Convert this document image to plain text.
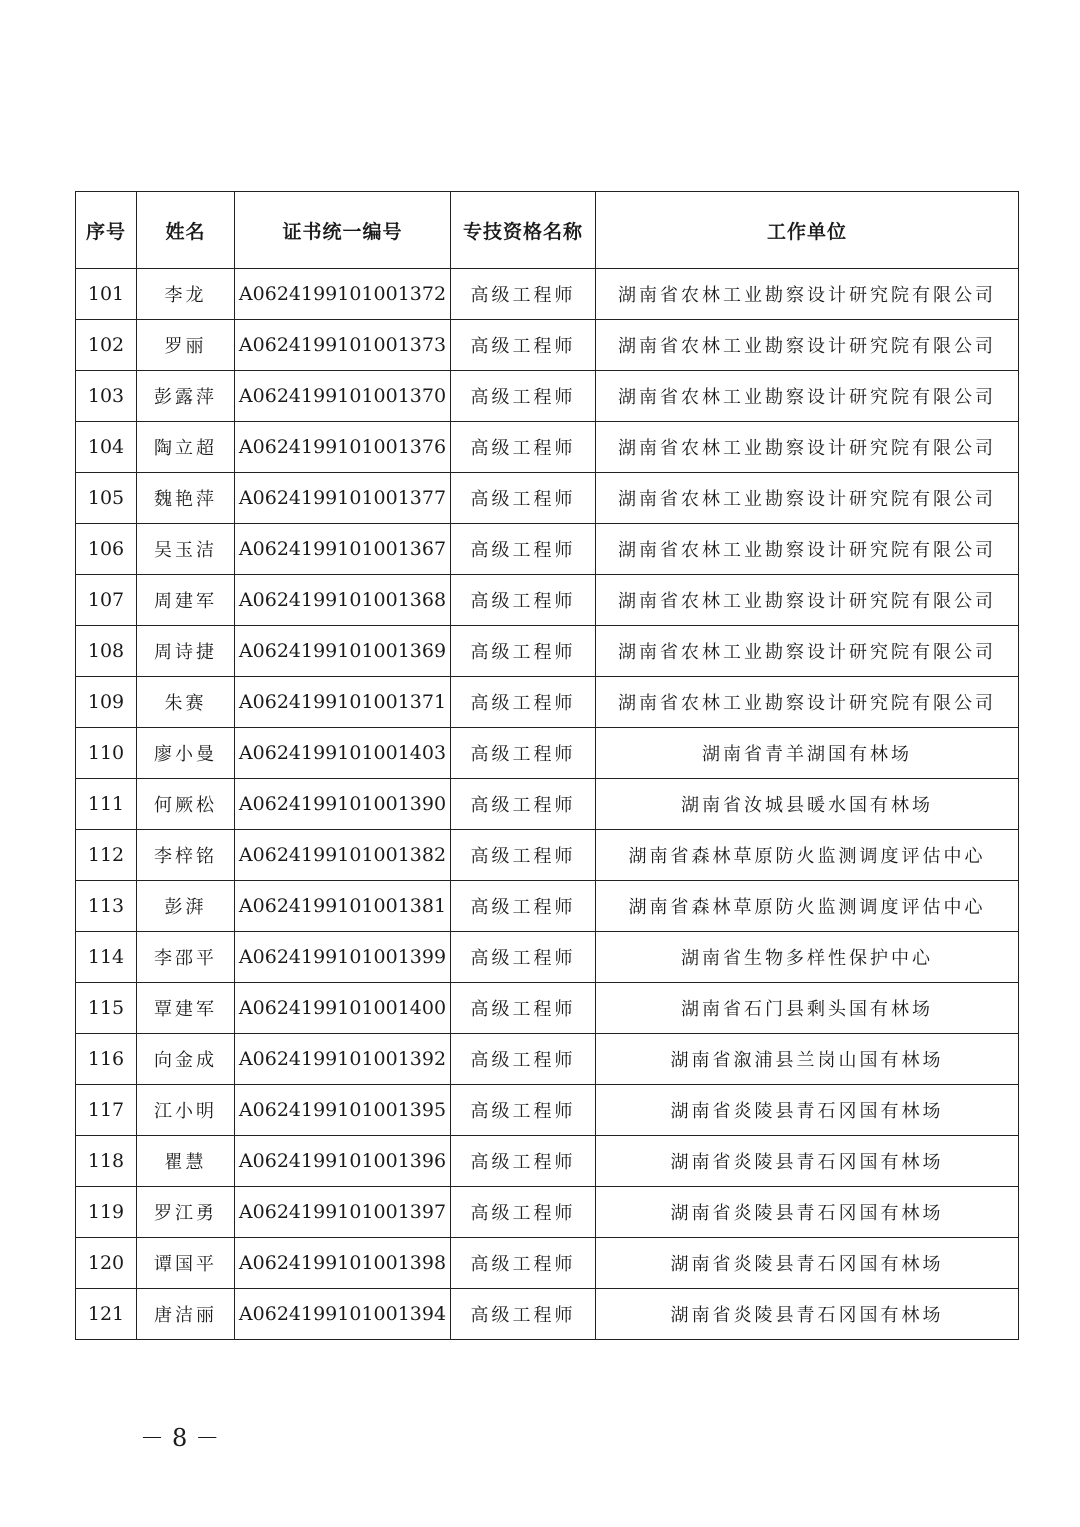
序号	姓名	证书统一编号	专技资格名称	工作单位
101	李龙	A0624199101001372	高级工程师	湖南省农林工业勘察设计研究院有限公司
102	罗丽	A0624199101001373	高级工程师	湖南省农林工业勘察设计研究院有限公司
103	彭露萍	A0624199101001370	高级工程师	湖南省农林工业勘察设计研究院有限公司
104	陶立超	A0624199101001376	高级工程师	湖南省农林工业勘察设计研究院有限公司
105	魏艳萍	A0624199101001377	高级工程师	湖南省农林工业勘察设计研究院有限公司
106	吴玉洁	A0624199101001367	高级工程师	湖南省农林工业勘察设计研究院有限公司
107	周建军	A0624199101001368	高级工程师	湖南省农林工业勘察设计研究院有限公司
108	周诗捷	A0624199101001369	高级工程师	湖南省农林工业勘察设计研究院有限公司
109	朱赛	A0624199101001371	高级工程师	湖南省农林工业勘察设计研究院有限公司
110	廖小曼	A0624199101001403	高级工程师	湖南省青羊湖国有林场
111	何厥松	A0624199101001390	高级工程师	湖南省汝城县暖水国有林场
112	李梓铭	A0624199101001382	高级工程师	湖南省森林草原防火监测调度评估中心
113	彭湃	A0624199101001381	高级工程师	湖南省森林草原防火监测调度评估中心
114	李邵平	A0624199101001399	高级工程师	湖南省生物多样性保护中心
115	覃建军	A0624199101001400	高级工程师	湖南省石门县剩头国有林场
116	向金成	A0624199101001392	高级工程师	湖南省溆浦县兰岗山国有林场
117	江小明	A0624199101001395	高级工程师	湖南省炎陵县青石冈国有林场
118	瞿慧	A0624199101001396	高级工程师	湖南省炎陵县青石冈国有林场
119	罗江勇	A0624199101001397	高级工程师	湖南省炎陵县青石冈国有林场
120	谭国平	A0624199101001398	高级工程师	湖南省炎陵县青石冈国有林场
121	唐洁丽	A0624199101001394	高级工程师	湖南省炎陵县青石冈国有林场
－8－
